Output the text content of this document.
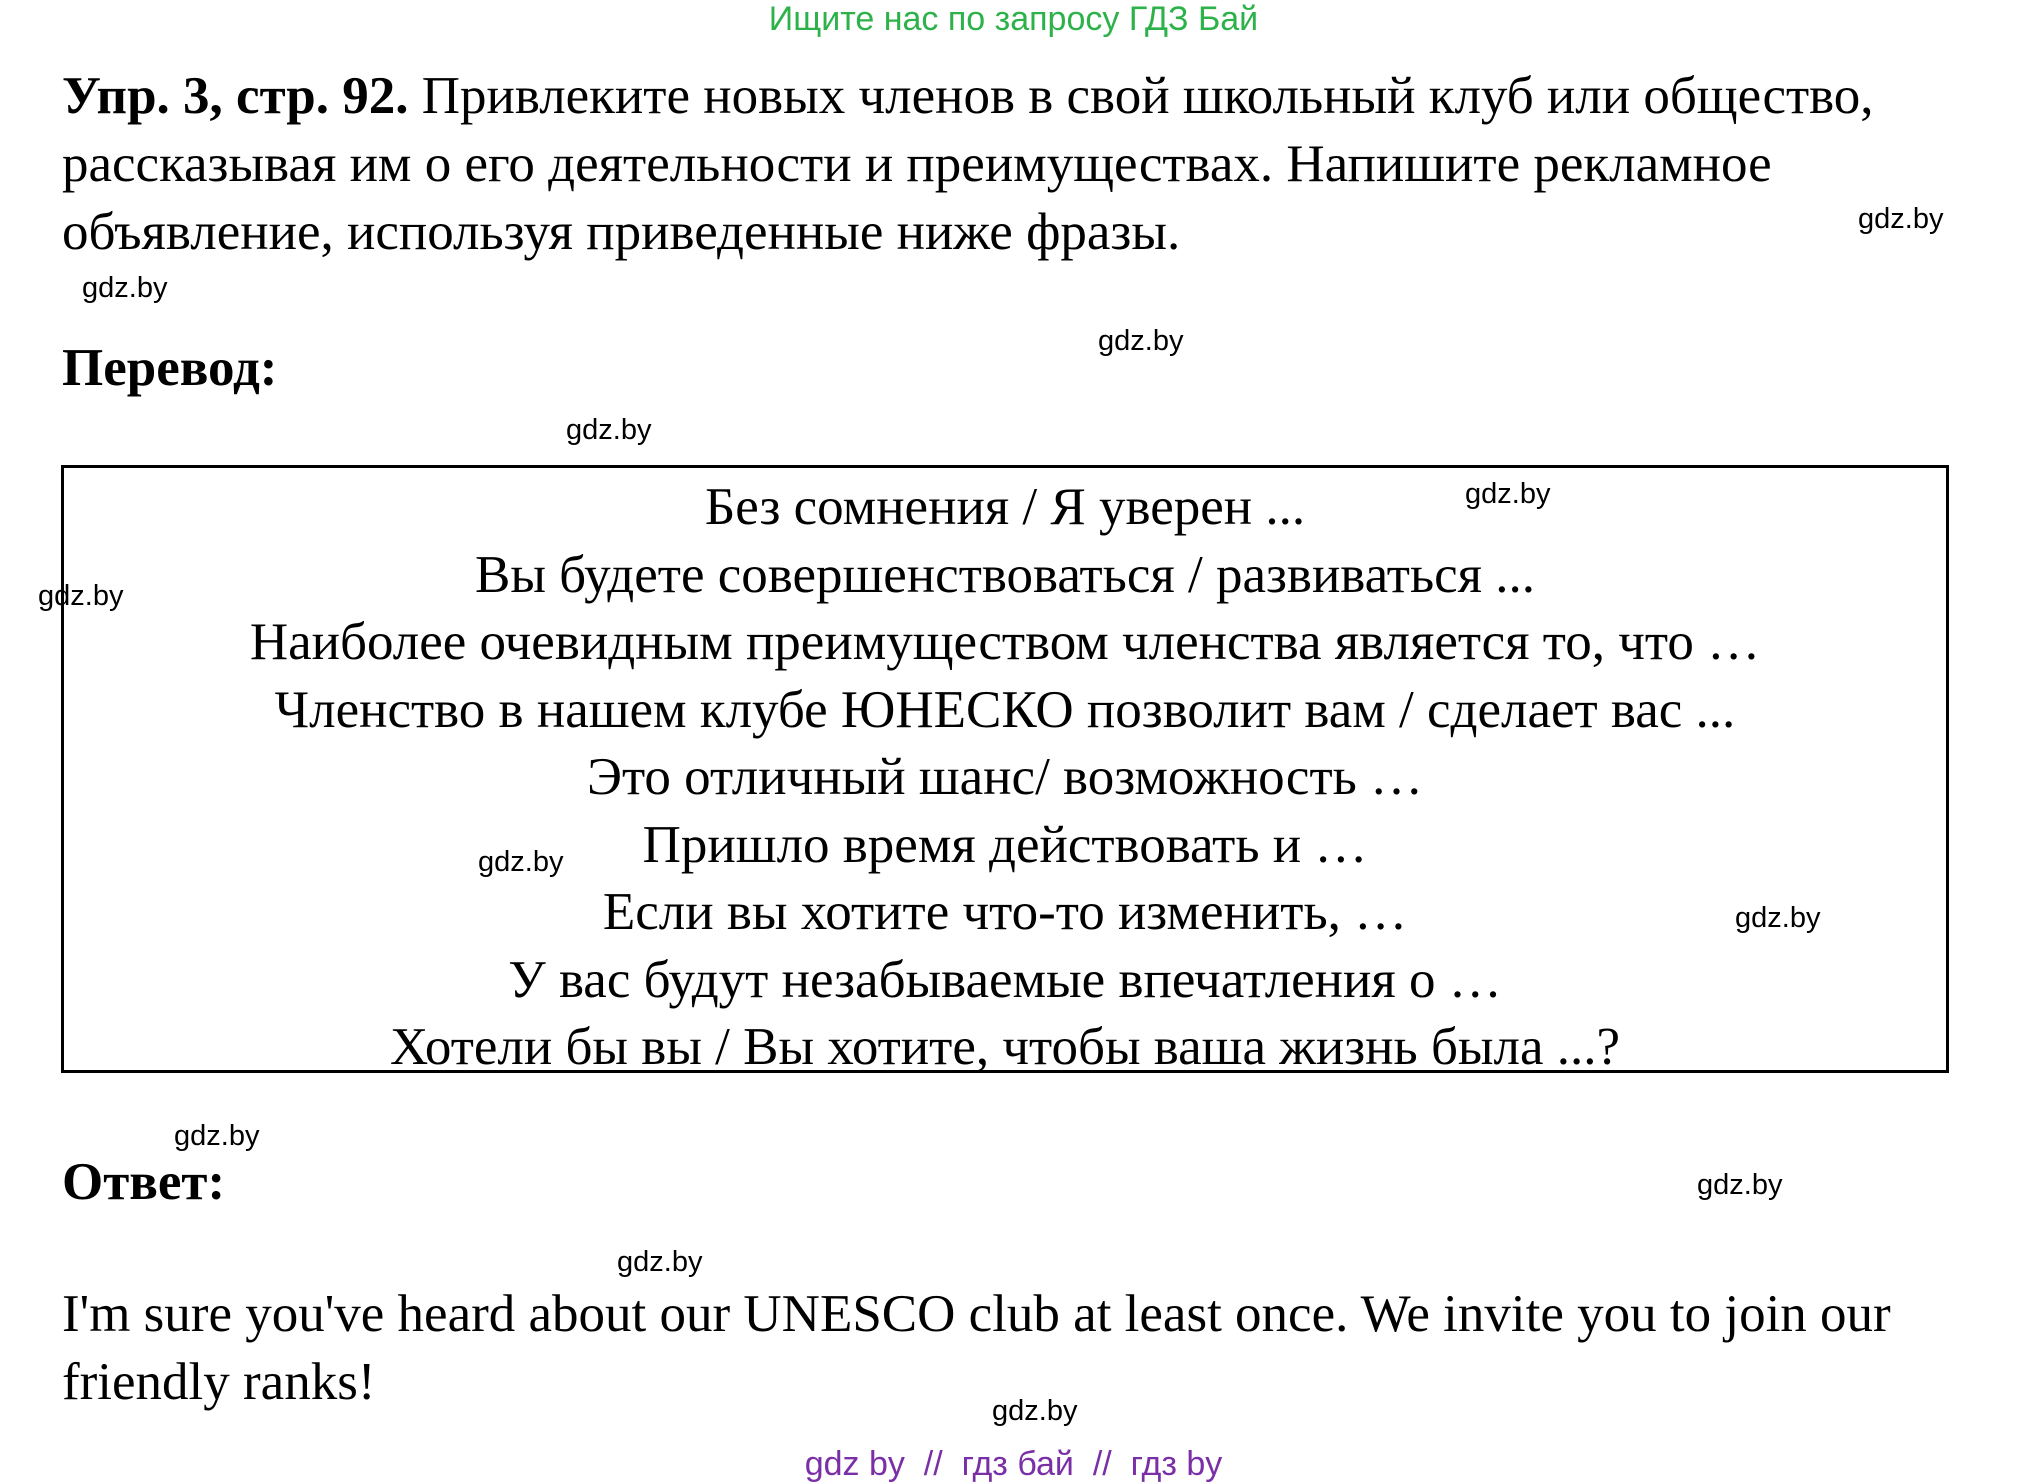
Ищите нас по запросу ГДЗ Бай
Упр. 3, стр. 92. Привлеките новых членов в свой школьный клуб или общество, рассказывая им о его деятельности и преимуществах. Напишите рекламное объявление, используя приведенные ниже фразы.
Перевод:
Без сомнения / Я уверен ...
Вы будете совершенствоваться / развиваться ...
Наиболее очевидным преимуществом членства является то, что …
Членство в нашем клубе ЮНЕСКО позволит вам / сделает вас ...
Это отличный шанс/ возможность …
Пришло время действовать и …
Если вы хотите что-то изменить, …
У вас будут незабываемые впечатления о …
Хотели бы вы / Вы хотите, чтобы ваша жизнь была ...?
Ответ:
I'm sure you've heard about our UNESCO club at least once. We invite you to join our friendly ranks!
gdz.by
gdz.by
gdz.by
gdz.by
gdz.by
gdz.by
gdz.by
gdz.by
gdz.by
gdz.by
gdz.by
gdz.by
gdz by  //  гдз бай  //  гдз by
